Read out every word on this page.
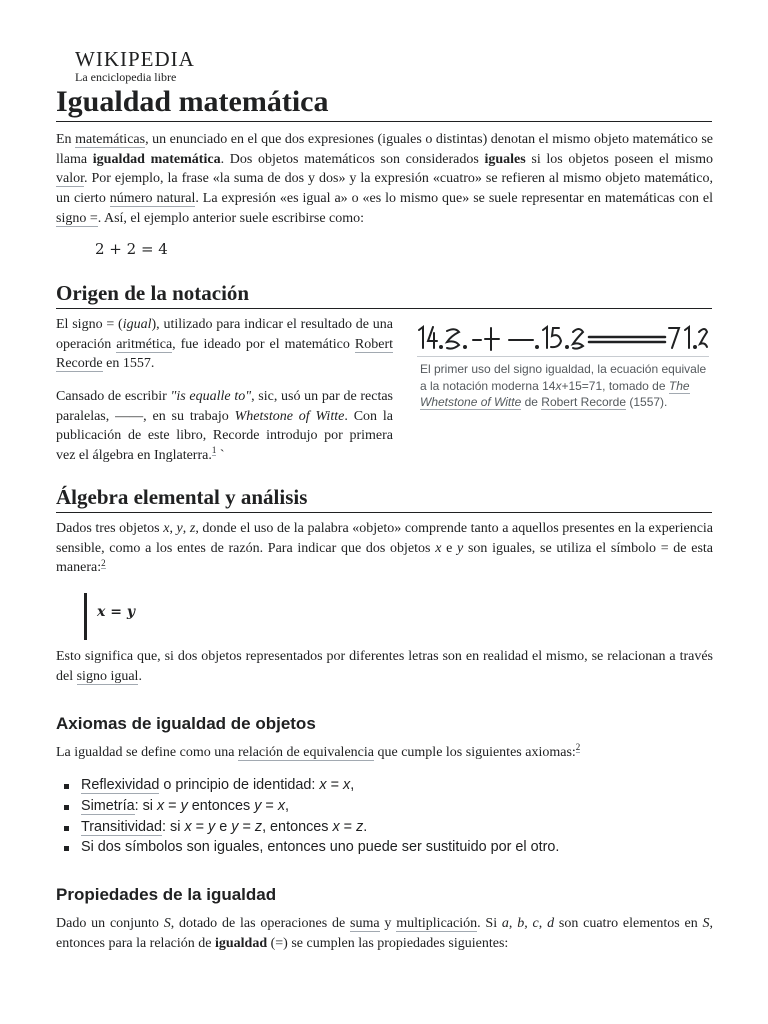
WIKIPEDIA
La enciclopedia libre
Igualdad matemática

En matemáticas, un enunciado en el que dos expresiones (iguales o distintas) denotan el mismo objeto matemático se llama igualdad matemática. Dos objetos matemáticos son considerados iguales si los objetos poseen el mismo valor. Por ejemplo, la frase «la suma de dos y dos» y la expresión «cuatro» se refieren al mismo objeto matemático, un cierto número natural. La expresión «es igual a» o «es lo mismo que» se suele representar en matemáticas con el signo =. Así, el ejemplo anterior suele escribirse como:

2 + 2 = 4
Origen de la notación

El signo = (igual), utilizado para indicar el resultado de una operación aritmética, fue ideado por el matemático Robert Recorde en 1557.

Cansado de escribir "is equalle to", sic, usó un par de rectas paralelas, ——, en su trabajo Whetstone of Witte. Con la publicación de este libro, Recorde introdujo por primera vez el álgebra en Inglaterra.$^1$ `

El primer uso del signo igualdad, la ecuación equivale a la notación moderna 14x+15=71, tomado de The Whetstone of Witte de Robert Recorde (1557).
Álgebra elemental y análisis

Dados tres objetos x, y, z, donde el uso de la palabra «objeto» comprende tanto a aquellos presentes en la experiencia sensible, como a los entes de razón. Para indicar que dos objetos x e y son iguales, se utiliza el símbolo = de esta manera:$^2$

x = y

Esto significa que, si dos objetos representados por diferentes letras son en realidad el mismo, se relacionan a través del signo igual.

Axiomas de igualdad de objetos

La igualdad se define como una relación de equivalencia que cumple los siguientes axiomas:$^2$

Reflexividad o principio de identidad: x = x,
Simetría: si x = y entonces y = x,
Transitividad: si x = y e y = z, entonces x = z.
Si dos símbolos son iguales, entonces uno puede ser sustituido por el otro.
Propiedades de la igualdad

Dado un conjunto S, dotado de las operaciones de suma y multiplicación. Si a, b, c, d son cuatro elementos en S, entonces para la relación de igualdad (=) se cumplen las propiedades siguientes:
